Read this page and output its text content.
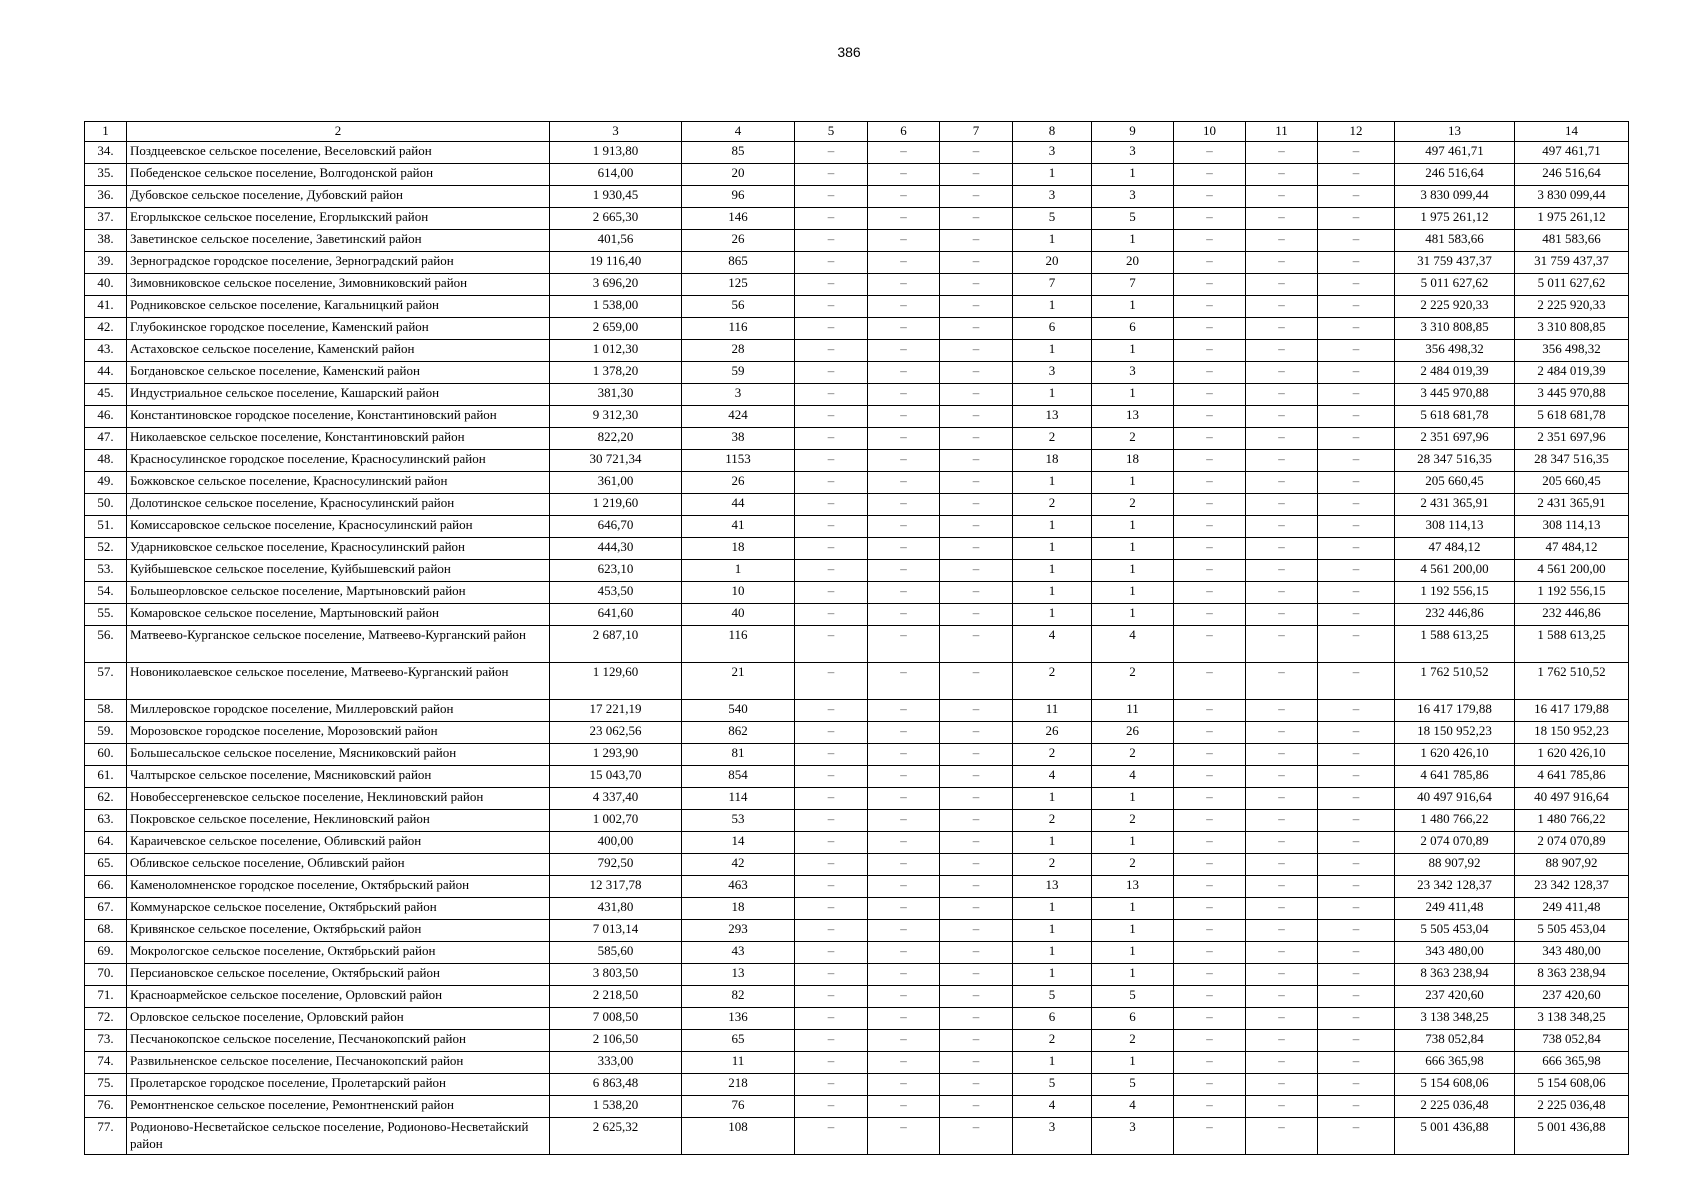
386
1	2	3	4	5	6	7	8	9	10	11	12	13	14
34.	Поздцеевское сельское поселение, Веселовский район	1 913,80	85	–	–	–	3	3	–	–	–	497 461,71	497 461,71
35.	Победенское сельское поселение, Волгодонской район	614,00	20	–	–	–	1	1	–	–	–	246 516,64	246 516,64
36.	Дубовское сельское поселение, Дубовский район	1 930,45	96	–	–	–	3	3	–	–	–	3 830 099,44	3 830 099,44
37.	Егорлыкское сельское поселение, Егорлыкский район	2 665,30	146	–	–	–	5	5	–	–	–	1 975 261,12	1 975 261,12
38.	Заветинское сельское поселение, Заветинский район	401,56	26	–	–	–	1	1	–	–	–	481 583,66	481 583,66
39.	Зерноградское городское поселение, Зерноградский район	19 116,40	865	–	–	–	20	20	–	–	–	31 759 437,37	31 759 437,37
40.	Зимовниковское сельское поселение, Зимовниковский район	3 696,20	125	–	–	–	7	7	–	–	–	5 011 627,62	5 011 627,62
41.	Родниковское сельское поселение, Кагальницкий район	1 538,00	56	–	–	–	1	1	–	–	–	2 225 920,33	2 225 920,33
42.	Глубокинское городское поселение, Каменский район	2 659,00	116	–	–	–	6	6	–	–	–	3 310 808,85	3 310 808,85
43.	Астаховское сельское поселение, Каменский район	1 012,30	28	–	–	–	1	1	–	–	–	356 498,32	356 498,32
44.	Богдановское сельское поселение, Каменский район	1 378,20	59	–	–	–	3	3	–	–	–	2 484 019,39	2 484 019,39
45.	Индустриальное сельское поселение, Кашарский район	381,30	3	–	–	–	1	1	–	–	–	3 445 970,88	3 445 970,88
46.	Константиновское городское поселение, Константиновский район	9 312,30	424	–	–	–	13	13	–	–	–	5 618 681,78	5 618 681,78
47.	Николаевское сельское поселение, Константиновский район	822,20	38	–	–	–	2	2	–	–	–	2 351 697,96	2 351 697,96
48.	Красносулинское городское поселение, Красносулинский район	30 721,34	1153	–	–	–	18	18	–	–	–	28 347 516,35	28 347 516,35
49.	Божковское сельское поселение, Красносулинский район	361,00	26	–	–	–	1	1	–	–	–	205 660,45	205 660,45
50.	Долотинское сельское поселение, Красносулинский район	1 219,60	44	–	–	–	2	2	–	–	–	2 431 365,91	2 431 365,91
51.	Комиссаровское сельское поселение, Красносулинский район	646,70	41	–	–	–	1	1	–	–	–	308 114,13	308 114,13
52.	Ударниковское сельское поселение, Красносулинский район	444,30	18	–	–	–	1	1	–	–	–	47 484,12	47 484,12
53.	Куйбышевское сельское поселение, Куйбышевский район	623,10	1	–	–	–	1	1	–	–	–	4 561 200,00	4 561 200,00
54.	Большеорловское сельское поселение, Мартыновский район	453,50	10	–	–	–	1	1	–	–	–	1 192 556,15	1 192 556,15
55.	Комаровское сельское поселение, Мартыновский район	641,60	40	–	–	–	1	1	–	–	–	232 446,86	232 446,86
56.	Матвеево-Курганское сельское поселение, Матвеево-Курганский район	2 687,10	116	–	–	–	4	4	–	–	–	1 588 613,25	1 588 613,25
57.	Новониколаевское сельское поселение, Матвеево-Курганский район	1 129,60	21	–	–	–	2	2	–	–	–	1 762 510,52	1 762 510,52
58.	Миллеровское городское поселение, Миллеровский район	17 221,19	540	–	–	–	11	11	–	–	–	16 417 179,88	16 417 179,88
59.	Морозовское городское поселение, Морозовский район	23 062,56	862	–	–	–	26	26	–	–	–	18 150 952,23	18 150 952,23
60.	Большесальское сельское поселение, Мясниковский район	1 293,90	81	–	–	–	2	2	–	–	–	1 620 426,10	1 620 426,10
61.	Чалтырское сельское поселение, Мясниковский район	15 043,70	854	–	–	–	4	4	–	–	–	4 641 785,86	4 641 785,86
62.	Новобессергеневское сельское поселение, Неклиновский район	4 337,40	114	–	–	–	1	1	–	–	–	40 497 916,64	40 497 916,64
63.	Покровское сельское поселение, Неклиновский район	1 002,70	53	–	–	–	2	2	–	–	–	1 480 766,22	1 480 766,22
64.	Караичевское сельское поселение, Обливский район	400,00	14	–	–	–	1	1	–	–	–	2 074 070,89	2 074 070,89
65.	Обливское сельское поселение, Обливский район	792,50	42	–	–	–	2	2	–	–	–	88 907,92	88 907,92
66.	Каменоломненское городское поселение, Октябрьский район	12 317,78	463	–	–	–	13	13	–	–	–	23 342 128,37	23 342 128,37
67.	Коммунарское сельское поселение, Октябрьский район	431,80	18	–	–	–	1	1	–	–	–	249 411,48	249 411,48
68.	Кривянское сельское поселение, Октябрьский район	7 013,14	293	–	–	–	1	1	–	–	–	5 505 453,04	5 505 453,04
69.	Мокрологское сельское поселение, Октябрьский район	585,60	43	–	–	–	1	1	–	–	–	343 480,00	343 480,00
70.	Персиановское сельское поселение, Октябрьский район	3 803,50	13	–	–	–	1	1	–	–	–	8 363 238,94	8 363 238,94
71.	Красноармейское сельское поселение, Орловский район	2 218,50	82	–	–	–	5	5	–	–	–	237 420,60	237 420,60
72.	Орловское сельское поселение, Орловский район	7 008,50	136	–	–	–	6	6	–	–	–	3 138 348,25	3 138 348,25
73.	Песчанокопское сельское поселение, Песчанокопский район	2 106,50	65	–	–	–	2	2	–	–	–	738 052,84	738 052,84
74.	Развильненское сельское поселение, Песчанокопский район	333,00	11	–	–	–	1	1	–	–	–	666 365,98	666 365,98
75.	Пролетарское городское поселение, Пролетарский район	6 863,48	218	–	–	–	5	5	–	–	–	5 154 608,06	5 154 608,06
76.	Ремонтненское сельское поселение, Ремонтненский район	1 538,20	76	–	–	–	4	4	–	–	–	2 225 036,48	2 225 036,48
77.	Родионово-Несветайское сельское поселение, Родионово-Несветайский район	2 625,32	108	–	–	–	3	3	–	–	–	5 001 436,88	5 001 436,88
